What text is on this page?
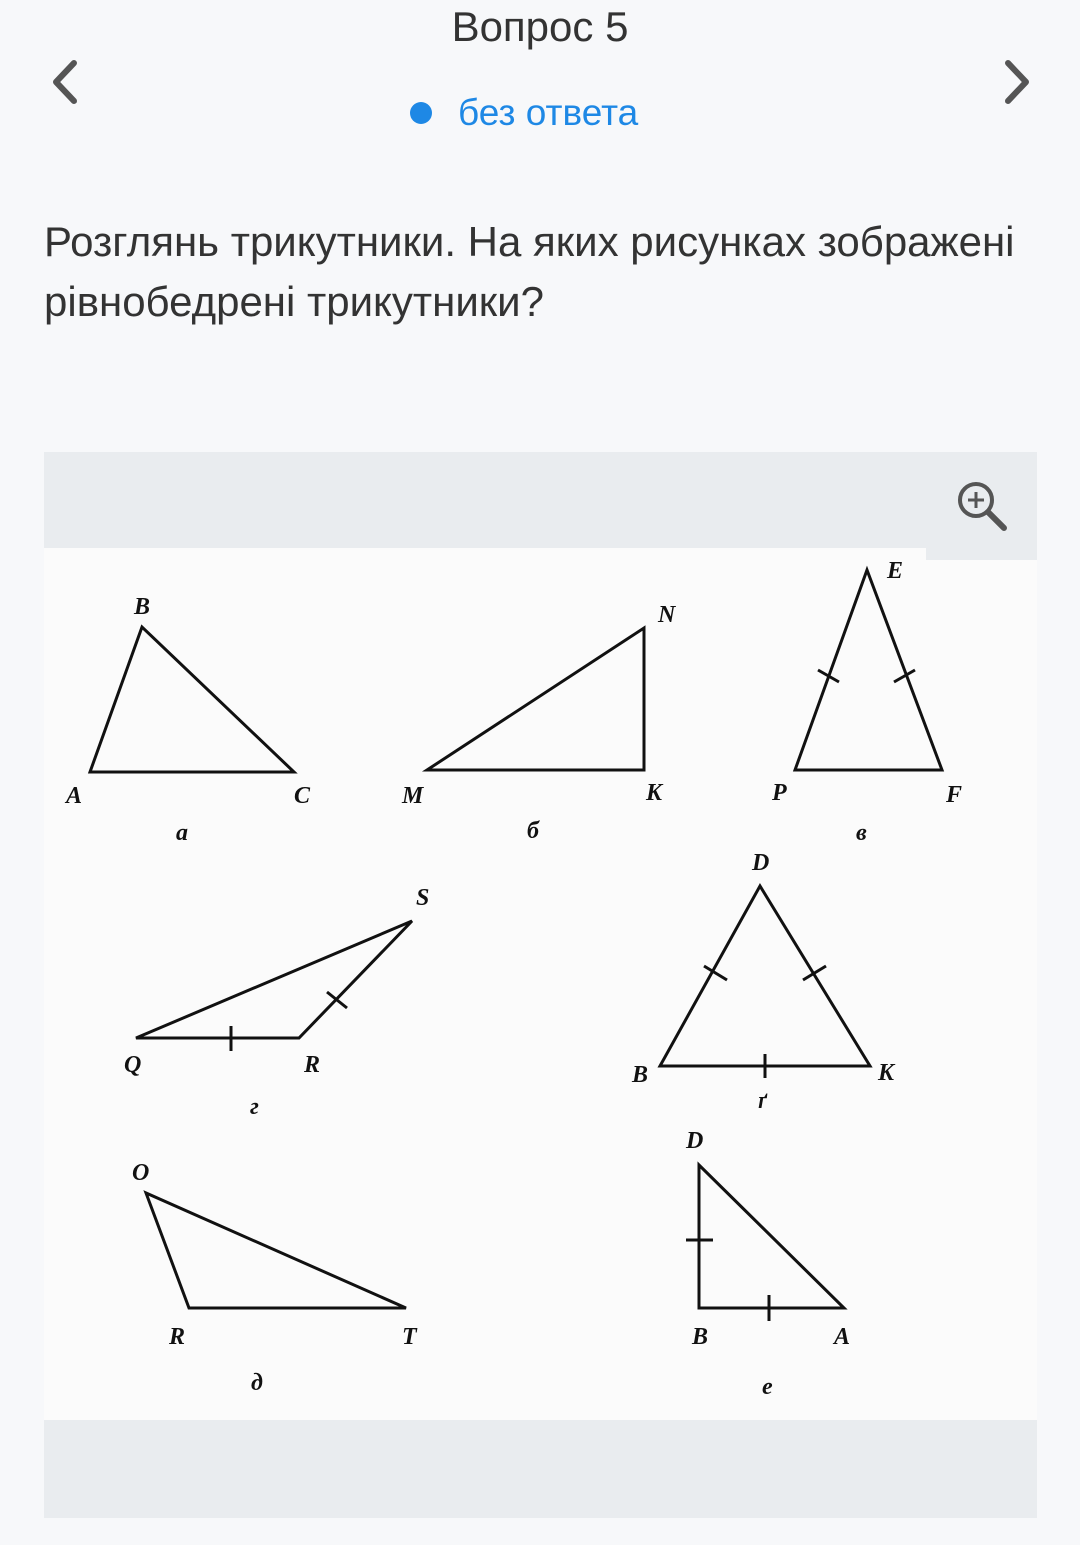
Вопрос 5
без ответа
Розглянь трикутники. На яких рисунках зображені рівнобедрені трикутники?
B
A	C
а
N
M	K
б
E
P	F
в
S
Q	R
г
D
B	K
ґ
O
R	T
д
D
B	A
е
